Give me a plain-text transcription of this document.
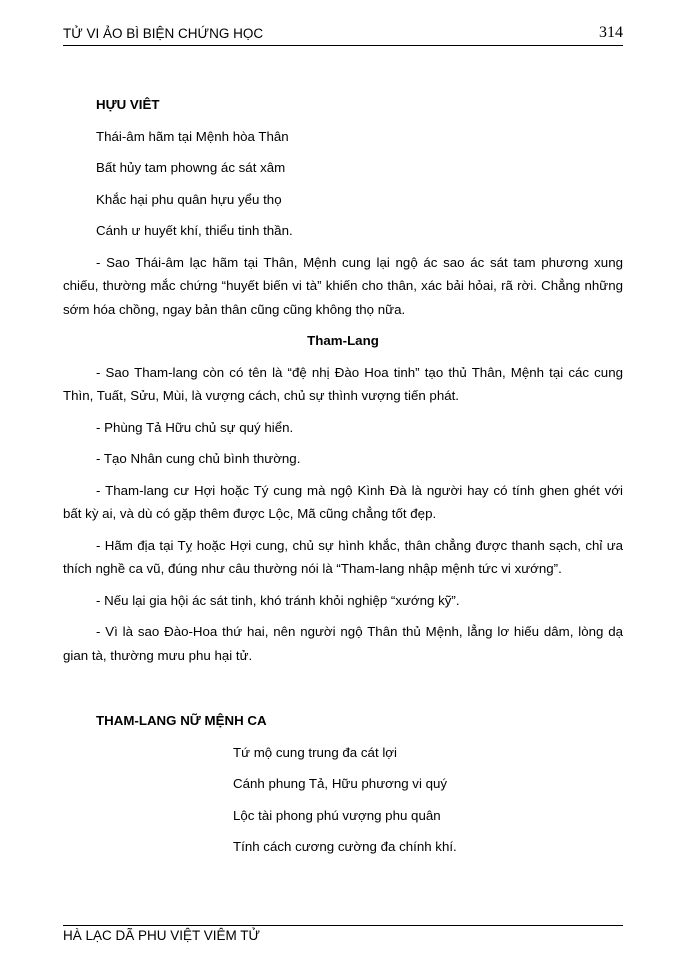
TỬ VI ẢO BÌ BIỆN CHỨNG HỌC	314

HỰU VIÊT

Thái-âm hãm tại Mệnh hòa Thân

Bất hủy tam phowng ác sát xâm

Khắc hại phu quân hựu yểu thọ

Cánh ư huyết khí, thiểu tinh thần.

- Sao Thái-âm lạc hãm tại Thân, Mệnh cung lại ngộ ác sao ác sát tam phương xung chiếu, thường mắc chứng “huyết biến vi tà” khiến cho thân, xác bải hỏai, rã rời. Chẳng những sớm hóa chồng, ngay bản thân cũng cũng không thọ nữa.

Tham-Lang

- Sao Tham-lang còn có tên là “đệ nhị Đào Hoa tinh” tạo thủ Thân, Mệnh tại các cung Thìn, Tuất, Sửu, Mùi, là vượng cách, chủ sự thình vượng tiến phát.

- Phùng Tả Hữu chủ sự quý hiển.

- Tạo Nhân cung chủ bình thường.

- Tham-lang cư Hợi hoặc Tý cung mà ngộ Kình Đà là người hay có tính ghen ghét với bất kỳ ai, và dù có gặp thêm được Lộc, Mã cũng chẳng tốt đẹp.

- Hãm địa tại Tỵ hoặc Hợi cung, chủ sự hình khắc, thân chẳng được thanh sạch, chỉ ưa thích nghề ca vũ, đúng như câu thường nói là “Tham-lang nhập mệnh tức vi xướng”.

- Nếu lại gia hội ác sát tinh, khó tránh khỏi nghiệp “xướng kỹ”.

- Vì là sao Đào-Hoa thứ hai, nên người ngộ Thân thủ Mệnh, lẳng lơ hiếu dâm, lòng dạ gian tà, thường mưu phu hại tử.

THAM-LANG NỮ MỆNH CA

Tứ mộ cung trung đa cát lợi

Cánh phung Tả, Hữu phương vi quý

Lộc tài phong phú vượng phu quân

Tính cách cương cường đa chính khí.

HÀ LẠC DÃ PHU VIỆT VIÊM TỬ
